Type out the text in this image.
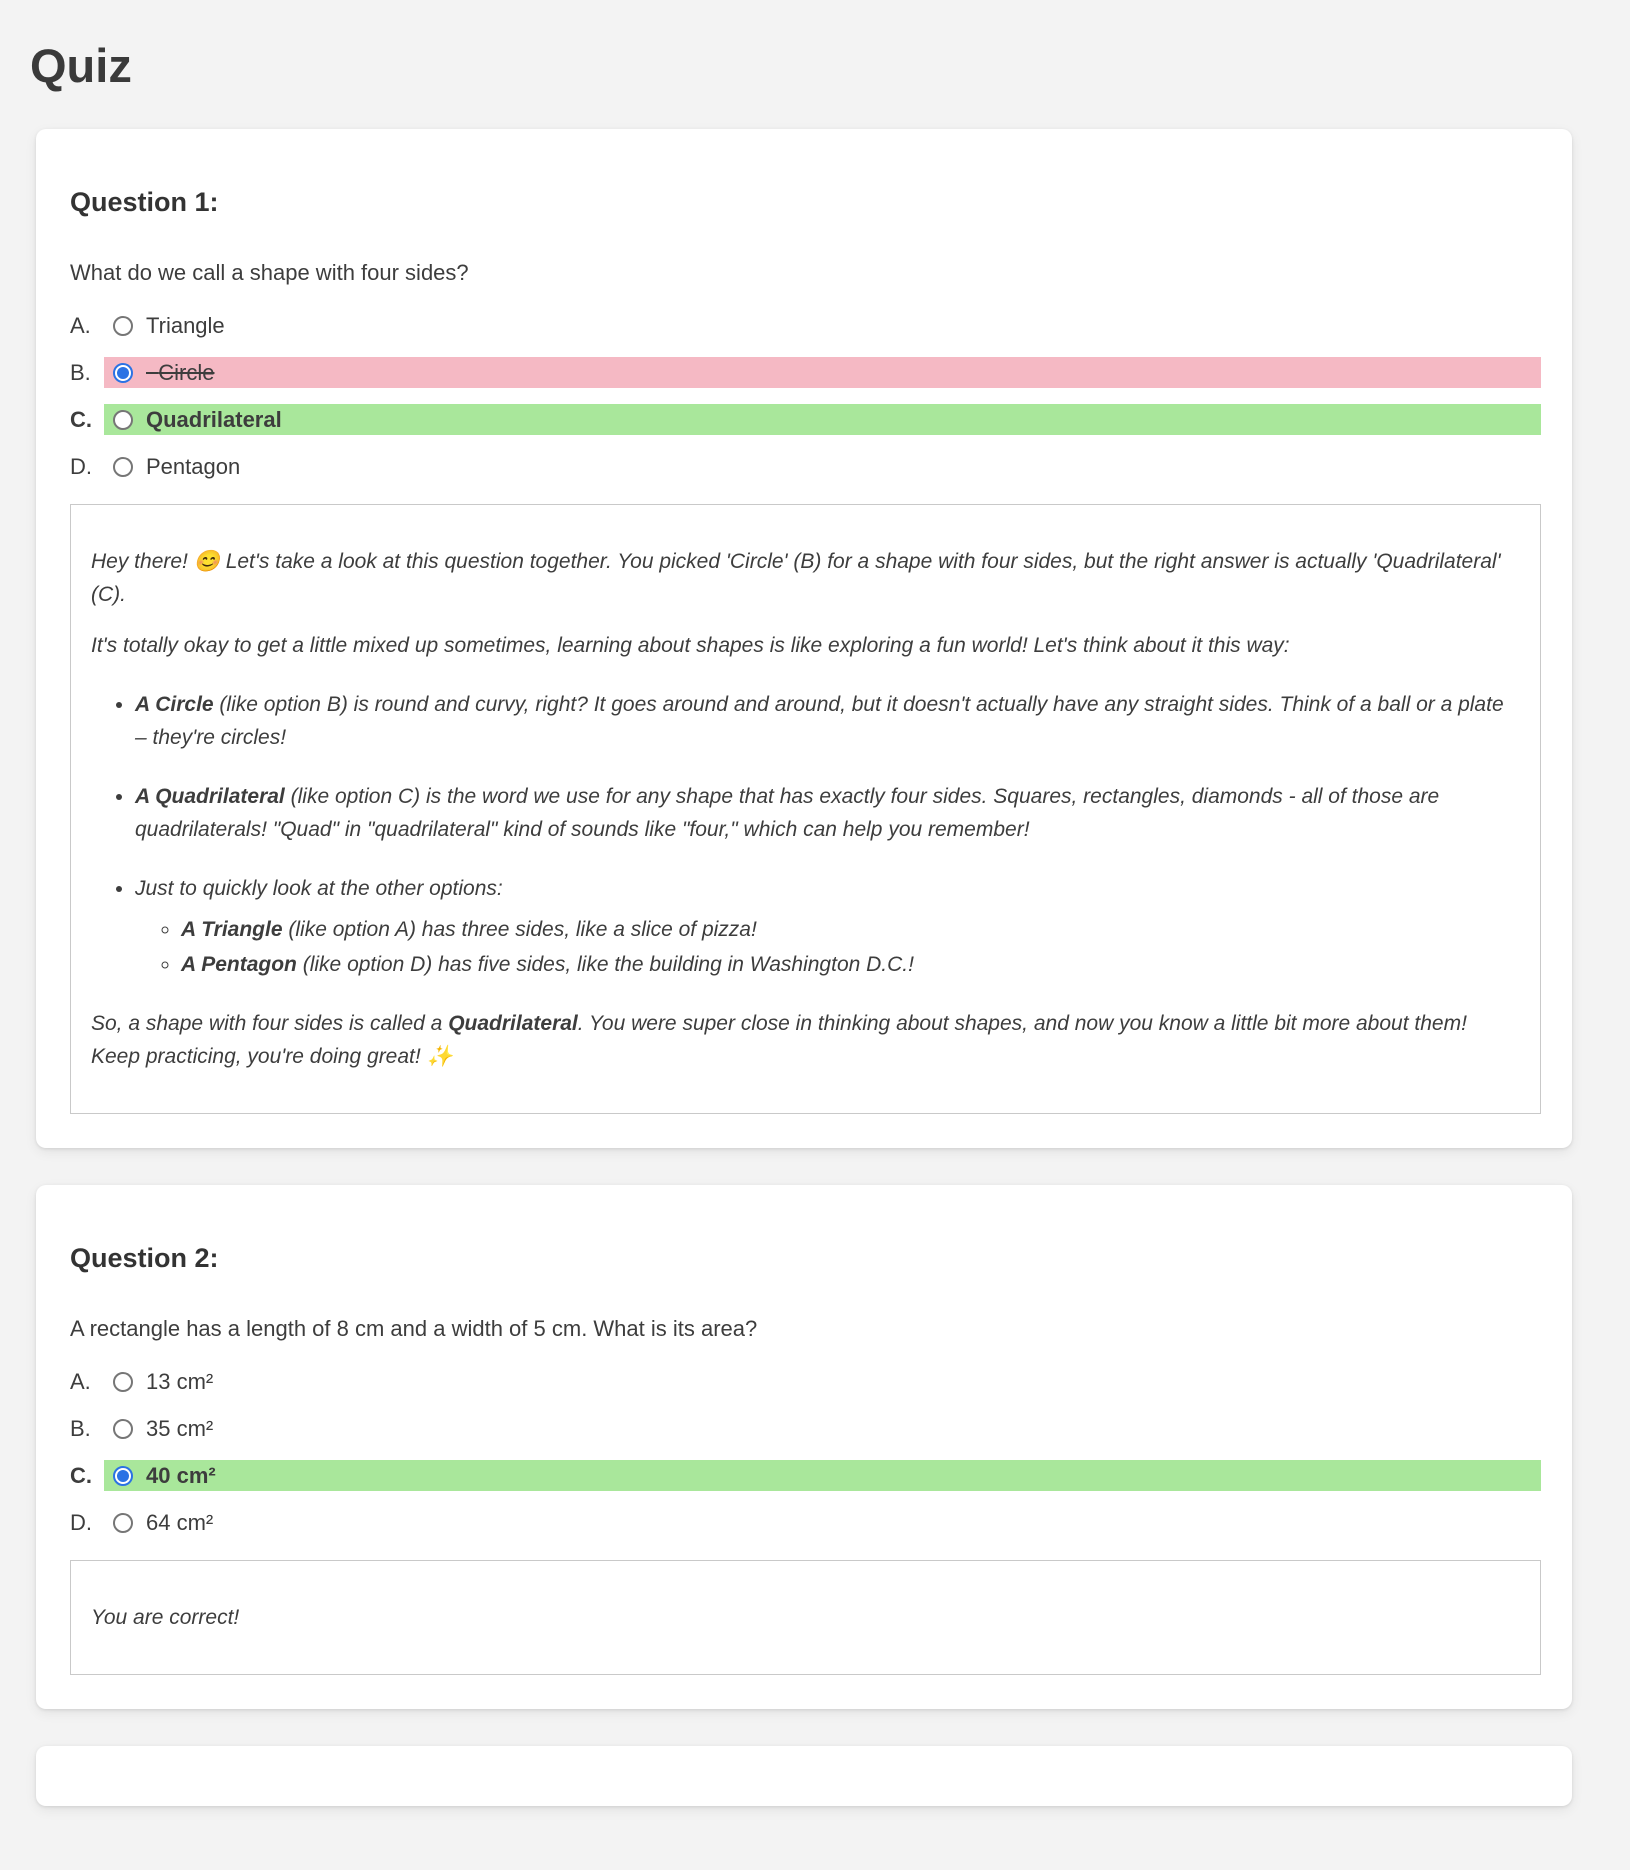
Quiz
Question 1:
What do we call a shape with four sides?
A.	Triangle
B.	Circle
C.	Quadrilateral
D.	Pentagon

Hey there! 😊 Let's take a look at this question together. You picked 'Circle' (B) for a shape with four sides, but the right answer is actually 'Quadrilateral' (C).

It's totally okay to get a little mixed up sometimes, learning about shapes is like exploring a fun world! Let's think about it this way:

• A Circle (like option B) is round and curvy, right? It goes around and around, but it doesn't actually have any straight sides. Think of a ball or a plate – they're circles!
• A Quadrilateral (like option C) is the word we use for any shape that has exactly four sides. Squares, rectangles, diamonds - all of those are quadrilaterals! "Quad" in "quadrilateral" kind of sounds like "four," which can help you remember!
• Just to quickly look at the other options:
◦ A Triangle (like option A) has three sides, like a slice of pizza!
◦ A Pentagon (like option D) has five sides, like the building in Washington D.C.!

So, a shape with four sides is called a Quadrilateral. You were super close in thinking about shapes, and now you know a little bit more about them! Keep practicing, you're doing great! ✨

Question 2:
A rectangle has a length of 8 cm and a width of 5 cm. What is its area?
A.	13 cm²
B.	35 cm²
C.	40 cm²
D.	64 cm²

You are correct!
